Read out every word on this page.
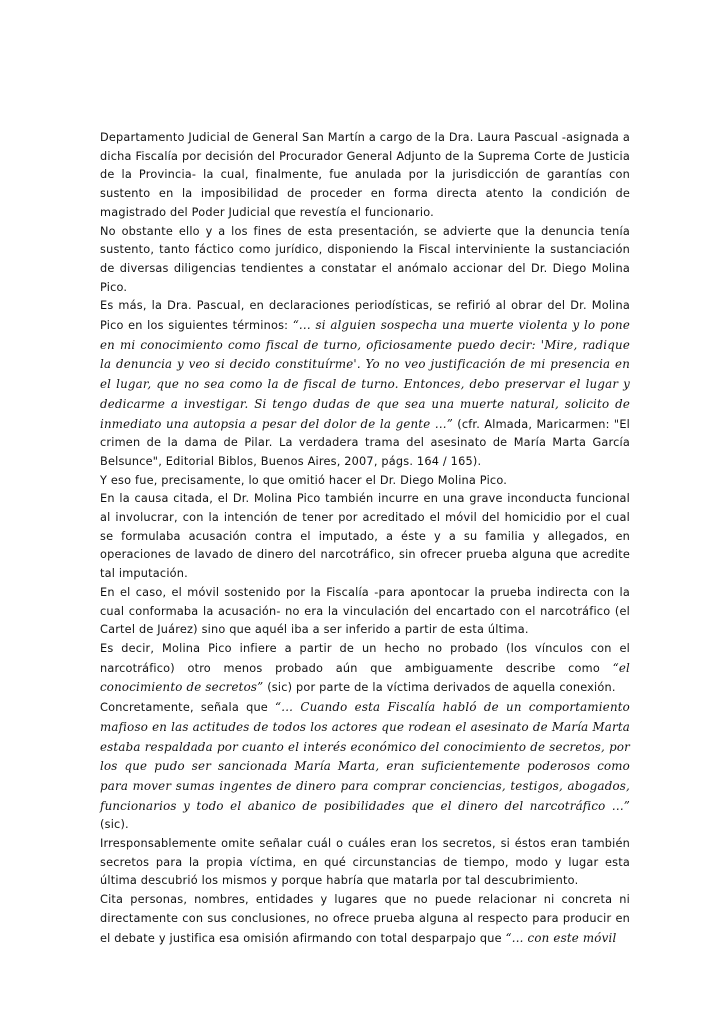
Departamento Judicial de General San Martín a cargo de la Dra. Laura Pascual -asignada a dicha Fiscalía por decisión del Procurador General Adjunto de la Suprema Corte de Justicia de la Provincia- la cual, finalmente, fue anulada por la jurisdicción de garantías con sustento en la imposibilidad de proceder en forma directa atento la condición de magistrado del Poder Judicial que revestía el funcionario.

No obstante ello y a los fines de esta presentación, se advierte que la denuncia tenía sustento, tanto fáctico como jurídico, disponiendo la Fiscal interviniente la sustanciación de diversas diligencias tendientes a constatar el anómalo accionar del Dr. Diego Molina Pico.

Es más, la Dra. Pascual, en declaraciones periodísticas, se refirió al obrar del Dr. Molina Pico en los siguientes términos: “... si alguien sospecha una muerte violenta y lo pone en mi conocimiento como fiscal de turno, oficiosamente puedo decir: 'Mire, radique la denuncia y veo si decido constituírme'. Yo no veo justificación de mi presencia en el lugar, que no sea como la de fiscal de turno. Entonces, debo preservar el lugar y dedicarme a investigar. Si tengo dudas de que sea una muerte natural, solicito de inmediato una autopsia a pesar del dolor de la gente ...” (cfr. Almada, Maricarmen: "El crimen de la dama de Pilar. La verdadera trama del asesinato de María Marta García Belsunce", Editorial Biblos, Buenos Aires, 2007, págs. 164 / 165).

Y eso fue, precisamente, lo que omitió hacer el Dr. Diego Molina Pico.

En la causa citada, el Dr. Molina Pico también incurre en una grave inconducta funcional al involucrar, con la intención de tener por acreditado el móvil del homicidio por el cual se formulaba acusación contra el imputado, a éste y a su familia y allegados, en operaciones de lavado de dinero del narcotráfico, sin ofrecer prueba alguna que acredite tal imputación.

En el caso, el móvil sostenido por la Fiscalía -para apontocar la prueba indirecta con la cual conformaba la acusación- no era la vinculación del encartado con el narcotráfico (el Cartel de Juárez) sino que aquél iba a ser inferido a partir de esta última.

Es decir, Molina Pico infiere a partir de un hecho no probado (los vínculos con el narcotráfico) otro menos probado aún que ambiguamente describe como “el conocimiento de secretos” (sic) por parte de la víctima derivados de aquella conexión.

Concretamente, señala que “... Cuando esta Fiscalía habló de un comportamiento mafioso en las actitudes de todos los actores que rodean el asesinato de María Marta estaba respaldada por cuanto el interés económico del conocimiento de secretos, por los que pudo ser sancionada María Marta, eran suficientemente poderosos como para mover sumas ingentes de dinero para comprar conciencias, testigos, abogados, funcionarios y todo el abanico de posibilidades que el dinero del narcotráfico ...” (sic).

Irresponsablemente omite señalar cuál o cuáles eran los secretos, si éstos eran también secretos para la propia víctima, en qué circunstancias de tiempo, modo y lugar esta última descubrió los mismos y porque habría que matarla por tal descubrimiento.

Cita personas, nombres, entidades y lugares que no puede relacionar ni concreta ni directamente con sus conclusiones, no ofrece prueba alguna al respecto para producir en el debate y justifica esa omisión afirmando con total desparpajo que “... con este móvil
